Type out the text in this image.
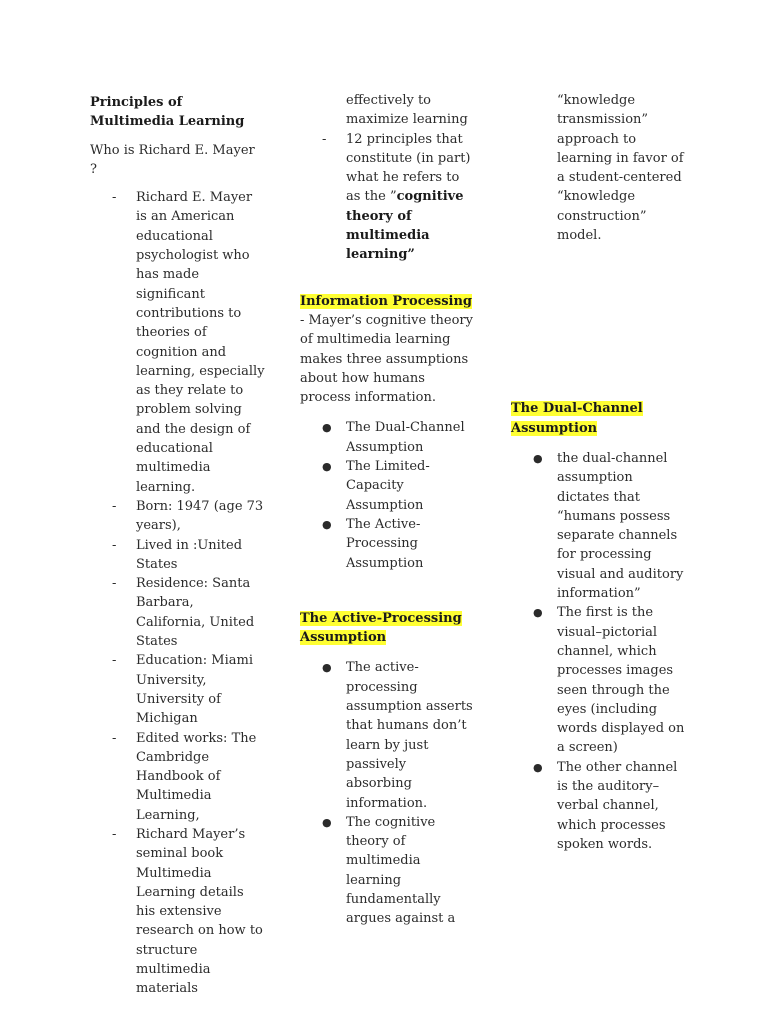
Principles of Multimedia Learning

Who is Richard E. Mayer ?

- Richard E. Mayer is an American educational psychologist who has made significant contributions to theories of cognition and learning, especially as they relate to problem solving and the design of educational multimedia learning.
- Born: 1947 (age 73 years),
- Lived in :United States
- Residence: Santa Barbara, California, United States
- Education: Miami University, University of Michigan
- Edited works: The Cambridge Handbook of Multimedia Learning,
- Richard Mayer’s seminal book Multimedia Learning details his extensive research on how to structure multimedia materials
effectively to maximize learning
- 12 principles that constitute (in part) what he refers to as the ”cognitive theory of multimedia learning”
Information Processing

- Mayer’s cognitive theory of multimedia learning makes three assumptions about how humans process information.

● The Dual-Channel Assumption
● The Limited-Capacity Assumption
● The Active-Processing Assumption
The Active-Processing Assumption
● The active-processing assumption asserts that humans don’t learn by just passively absorbing information.
● The cognitive theory of multimedia learning fundamentally argues against a
“knowledge transmission” approach to learning in favor of a student-centered “knowledge construction” model.
The Dual-Channel Assumption
● the dual-channel assumption dictates that “humans possess separate channels for processing visual and auditory information”
● The first is the visual–pictorial channel, which processes images seen through the eyes (including words displayed on a screen)
● The other channel is the auditory–verbal channel, which processes spoken words.
